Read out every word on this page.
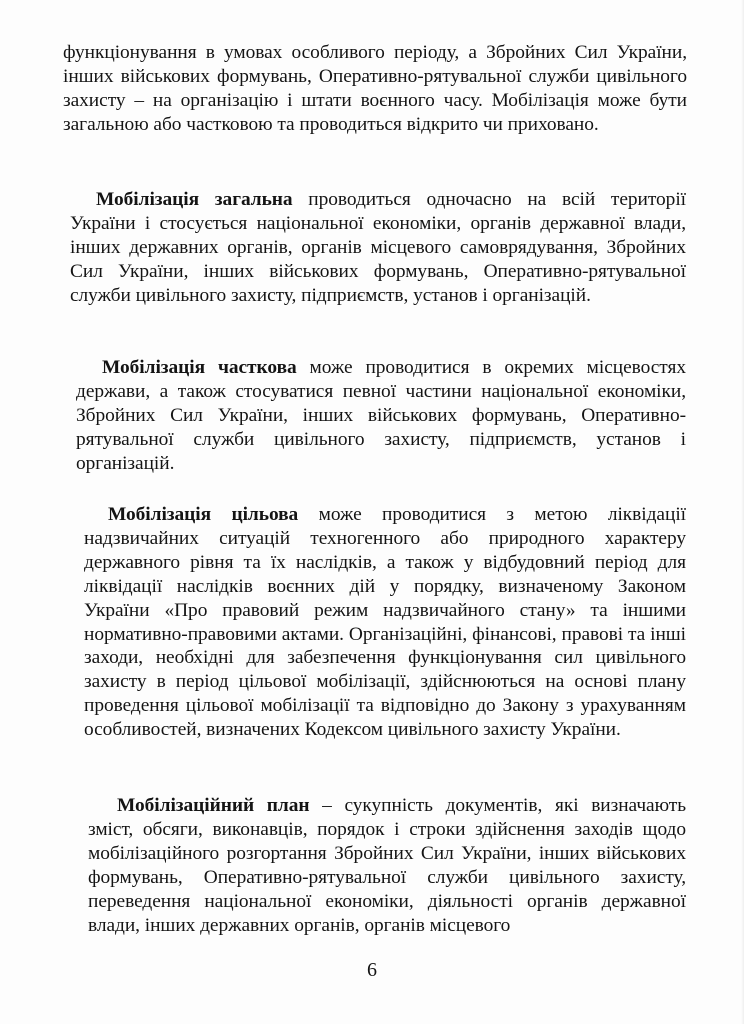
функціонування в умовах особливого періоду, а Збройних Сил України, інших військових формувань, Оперативно-рятувальної служби цивільного захисту – на організацію і штати воєнного часу. Мобілізація може бути загальною або частковою та проводиться відкрито чи приховано.

Мобілізація загальна проводиться одночасно на всій території України і стосується національної економіки, органів державної влади, інших державних органів, органів місцевого самоврядування, Збройних Сил України, інших військових формувань, Оперативно-рятувальної служби цивільного захисту, підприємств, установ і організацій.

Мобілізація часткова може проводитися в окремих місцевостях держави, а також стосуватися певної частини національної економіки, Збройних Сил України, інших військових формувань, Оперативно-рятувальної служби цивільного захисту, підприємств, установ і організацій.

Мобілізація цільова може проводитися з метою ліквідації надзвичайних ситуацій техногенного або природного характеру державного рівня та їх наслідків, а також у відбудовний період для ліквідації наслідків воєнних дій у порядку, визначеному Законом України «Про правовий режим надзвичайного стану» та іншими нормативно-правовими актами. Організаційні, фінансові, правові та інші заходи, необхідні для забезпечення функціонування сил цивільного захисту в період цільової мобілізації, здійснюються на основі плану проведення цільової мобілізації та відповідно до Закону з урахуванням особливостей, визначених Кодексом цивільного захисту України.

Мобілізаційний план – сукупність документів, які визначають зміст, обсяги, виконавців, порядок і строки здійснення заходів щодо мобілізаційного розгортання Збройних Сил України, інших військових формувань, Оперативно-рятувальної служби цивільного захисту, переведення національної економіки, діяльності органів державної влади, інших державних органів, органів місцевого

6
